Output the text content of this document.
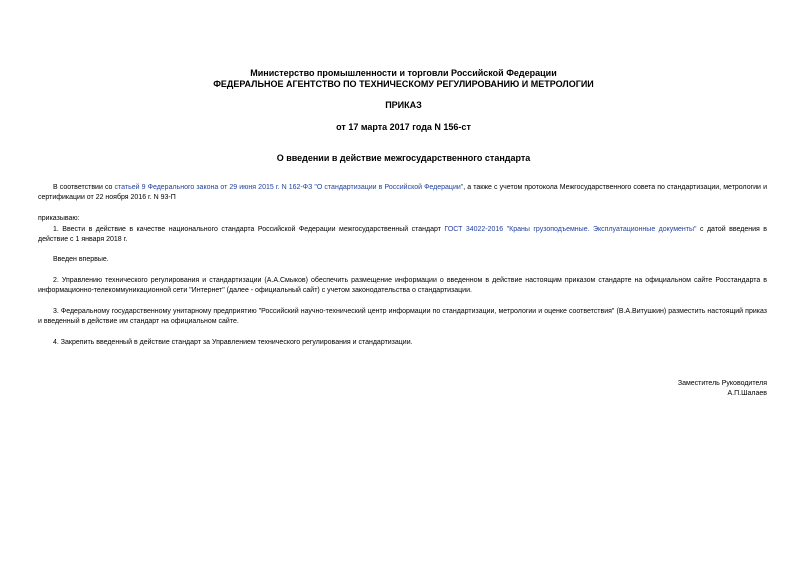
Министерство промышленности и торговли Российской Федерации
ФЕДЕРАЛЬНОЕ АГЕНТСТВО ПО ТЕХНИЧЕСКОМУ РЕГУЛИРОВАНИЮ И МЕТРОЛОГИИ
ПРИКАЗ
от 17 марта 2017 года N 156-ст
О введении в действие межгосударственного стандарта
В соответствии со статьей 9 Федерального закона от 29 июня 2015 г. N 162-ФЗ "О стандартизации в Российской Федерации", а также с учетом протокола Межгосударственного совета по стандартизации, метрологии и сертификации от 22 ноября 2016 г. N 93-П
приказываю:
1. Ввести в действие в качестве национального стандарта Российской Федерации межгосударственный стандарт ГОСТ 34022-2016 "Краны грузоподъемные. Эксплуатационные документы" с датой введения в действие с 1 января 2018 г.
Введен впервые.
2. Управлению технического регулирования и стандартизации (А.А.Смыков) обеспечить размещение информации о введенном в действие настоящим приказом стандарте на официальном сайте Росстандарта в информационно-телекоммуникационной сети "Интернет" (далее - официальный сайт) с учетом законодательства о стандартизации.
3. Федеральному государственному унитарному предприятию "Российский научно-технический центр информации по стандартизации, метрологии и оценке соответствия" (В.А.Витушкин) разместить настоящий приказ и введенный в действие им стандарт на официальном сайте.
4. Закрепить введенный в действие стандарт за Управлением технического регулирования и стандартизации.
Заместитель Руководителя
А.П.Шалаев
